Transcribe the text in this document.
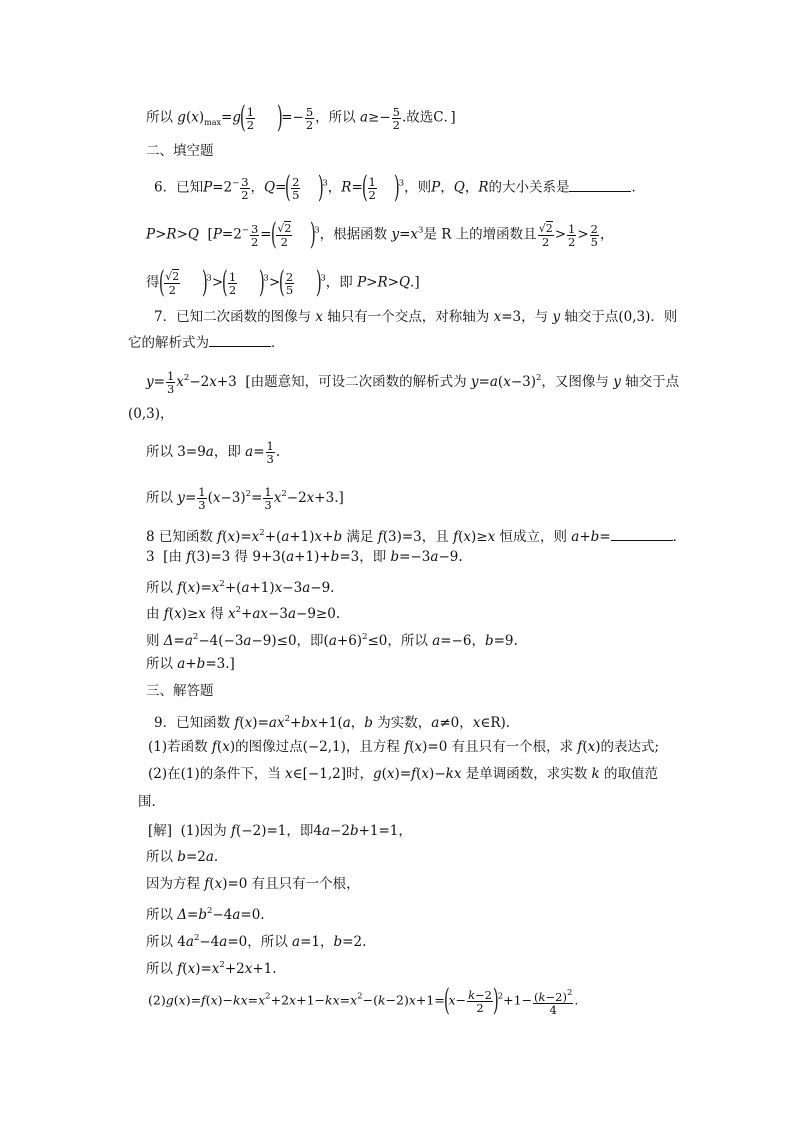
所以 $g(x)_{max}=g( \frac{1}{2}$ )=− $\frac{5}{2}$ ，所以 $a\ge- \frac{5}{2}$ .故选C．]
二、填空题
6．已知$P=2^- \frac{3}{2}$ ，$Q=( \frac{2}{5} )^3$，$R=( \frac{1}{2} )^3$，则P，Q，R的大小关系是	．
P>R>Q  [$P=2^- \frac{3}{2}$ =( $\frac{√2}{2} )^3$，根据函数 $y=x^3$是 R 上的增函数且 $\frac{√2}{2} > \frac{1}{2} > \frac{2}{5}$ ，
得( $\frac{√2}{2} )^3>( \frac{1}{2} )^3>( \frac{2}{5} )^3$，即 P>R>Q.]
7．已知二次函数的图像与 x 轴只有一个交点，对称轴为 x=3，与 y 轴交于点(0,3)．则
它的解析式为	．
$y= \frac{1}{3} x^2-2x+3$  [由题意知，可设二次函数的解析式为 $y=a(x-3)^2$，又图像与 y 轴交于点
(0,3)，
所以 3=9a，即 $a= \frac{1}{3}$ .
所以 $y= \frac{1}{3} (x-3)^2= \frac{1}{3} x^2-2x+3$.]
8 已知函数 $f(x)=x^2+(a+1)x+b$ 满足 f(3)=3，且 f(x)≥x 恒成立，则 a+b=	．
3  [由 f(3)=3 得 9+3(a+1)+b=3，即 b=−3a−9.
所以 $f(x)=x^2+(a+1)x-3a-9$.
由 f(x)≥x 得 $x^2+ax-3a-9\ge 0$.
则 $\Delta=a^2-4(-3a-9)\le 0$，即$(a+6)^2\le 0$，所以 a=−6，b=9.
所以 a+b=3.]
三、解答题
9．已知函数 $f(x)=ax^2+bx+1(a$，b 为实数，a≠0，x∈R).
(1)若函数 f(x)的图像过点(−2,1)，且方程 f(x)=0 有且只有一个根，求 f(x)的表达式;
(2)在(1)的条件下，当 x∈[−1,2]时，g(x)=f(x)−kx 是单调函数，求实数 k 的取值范
围.
[解]  (1)因为 f(−2)=1，即4a−2b+1=1，
所以 b=2a.
因为方程 f(x)=0 有且只有一个根，
所以 $\Delta=b^2-4a=0$.
所以 $4a^2-4a=0$，所以 a=1，b=2.
所以 $f(x)=x^2+2x+1$.
$(2)g(x)=f(x)-kx=x^2+2x+1-kx=x^2-(k-2)x+1=(x- \frac{k-2}{2} )^2+1- \frac{(k-2)^2}{4}$ .
